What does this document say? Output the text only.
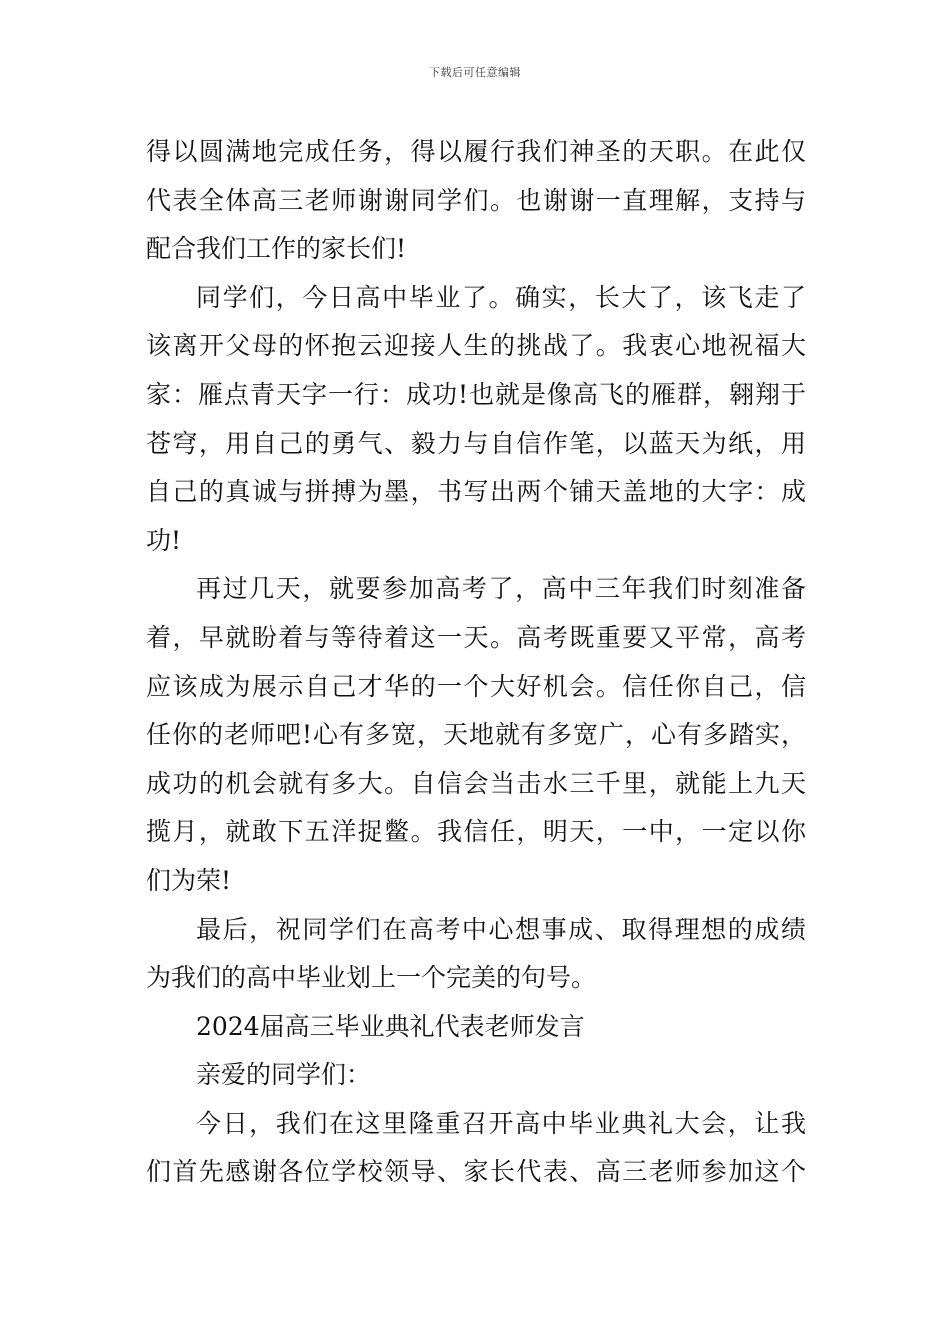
下载后可任意编辑
得以圆满地完成任务，得以履行我们神圣的天职。在此仅
代表全体高三老师谢谢同学们。也谢谢一直理解，支持与
配合我们工作的家长们!
同学们，今日高中毕业了。确实，长大了，该飞走了
该离开父母的怀抱云迎接人生的挑战了。我衷心地祝福大
家：雁点青天字一行：成功!也就是像高飞的雁群，翱翔于
苍穹，用自己的勇气、毅力与自信作笔，以蓝天为纸，用
自己的真诚与拼搏为墨，书写出两个铺天盖地的大字：成
功!
再过几天，就要参加高考了，高中三年我们时刻准备
着，早就盼着与等待着这一天。高考既重要又平常，高考
应该成为展示自己才华的一个大好机会。信任你自己，信
任你的老师吧!心有多宽，天地就有多宽广，心有多踏实，
成功的机会就有多大。自信会当击水三千里，就能上九天
揽月，就敢下五洋捉鳖。我信任，明天，一中，一定以你
们为荣!
最后，祝同学们在高考中心想事成、取得理想的成绩
为我们的高中毕业划上一个完美的句号。
2024届高三毕业典礼代表老师发言
亲爱的同学们：
今日，我们在这里隆重召开高中毕业典礼大会，让我
们首先感谢各位学校领导、家长代表、高三老师参加这个
